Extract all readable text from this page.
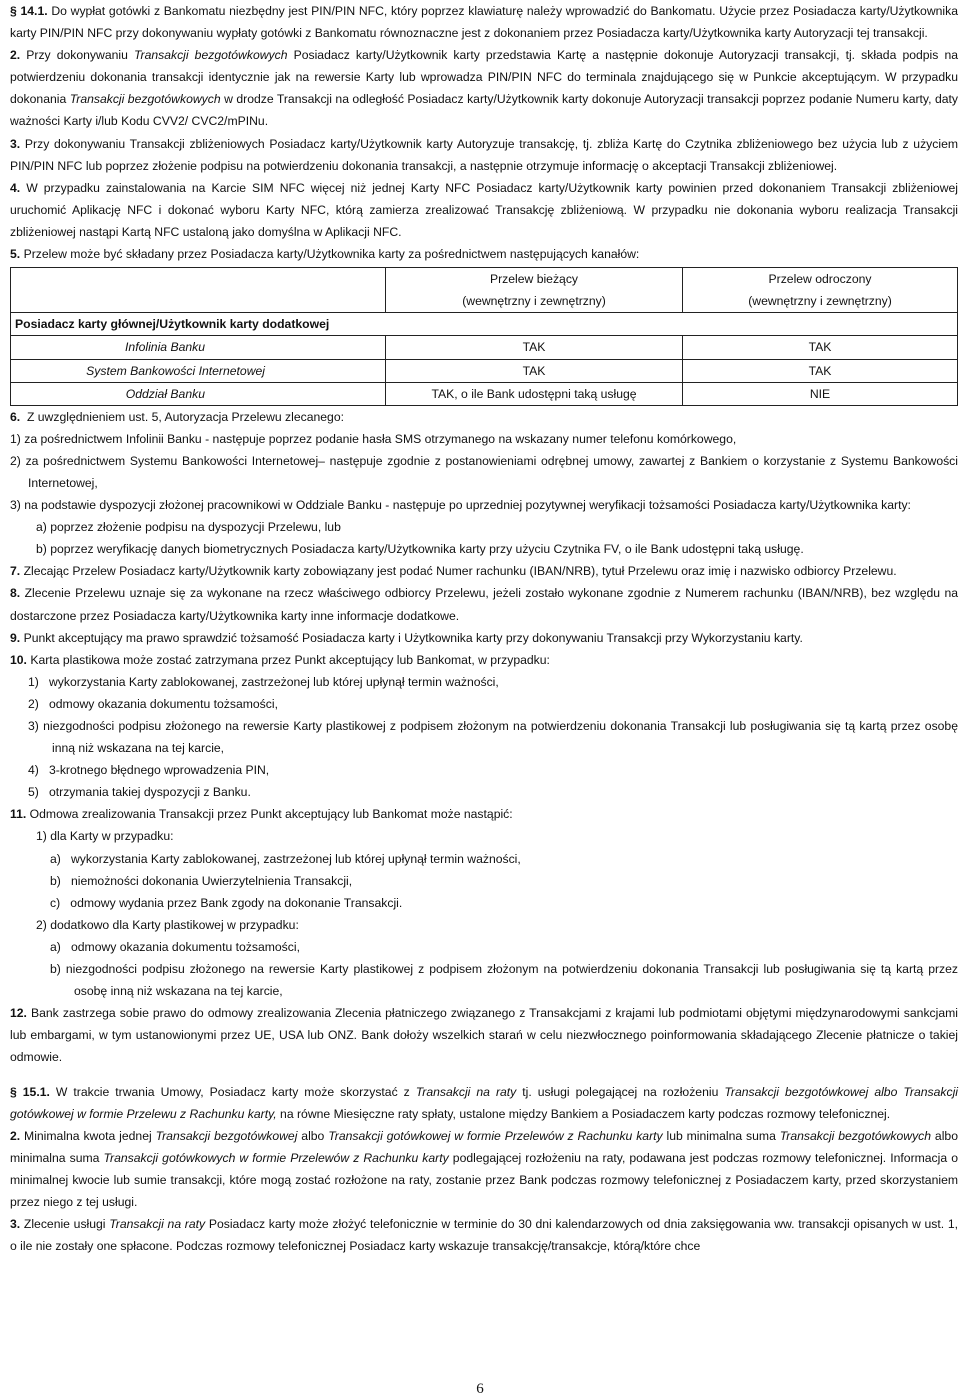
§ 14.1. Do wypłat gotówki z Bankomatu niezbędny jest PIN/PIN NFC, który poprzez klawiaturę należy wprowadzić do Bankomatu. Użycie przez Posiadacza karty/Użytkownika karty PIN/PIN NFC przy dokonywaniu wypłaty gotówki z Bankomatu równoznaczne jest z dokonaniem przez Posiadacza karty/Użytkownika karty Autoryzacji tej transakcji.

2. Przy dokonywaniu Transakcji bezgotówkowych Posiadacz karty/Użytkownik karty przedstawia Kartę a następnie dokonuje Autoryzacji transakcji, tj. składa podpis na potwierdzeniu dokonania transakcji identycznie jak na rewersie Karty lub wprowadza PIN/PIN NFC do terminala znajdującego się w Punkcie akceptującym. W przypadku dokonania Transakcji bezgotówkowych w drodze Transakcji na odległość Posiadacz karty/Użytkownik karty dokonuje Autoryzacji transakcji poprzez podanie Numeru karty, daty ważności Karty i/lub Kodu CVV2/ CVC2/mPINu.

3. Przy dokonywaniu Transakcji zbliżeniowych Posiadacz karty/Użytkownik karty Autoryzuje transakcję, tj. zbliża Kartę do Czytnika zbliżeniowego bez użycia lub z użyciem PIN/PIN NFC lub poprzez złożenie podpisu na potwierdzeniu dokonania transakcji, a następnie otrzymuje informację o akceptacji Transakcji zbliżeniowej.

4. W przypadku zainstalowania na Karcie SIM NFC więcej niż jednej Karty NFC Posiadacz karty/Użytkownik karty powinien przed dokonaniem Transakcji zbliżeniowej uruchomić Aplikację NFC i dokonać wyboru Karty NFC, którą zamierza zrealizować Transakcję zbliżeniową. W przypadku nie dokonania wyboru realizacja Transakcji zbliżeniowej nastąpi Kartą NFC ustaloną jako domyślna w Aplikacji NFC.

5. Przelew może być składany przez Posiadacza karty/Użytkownika karty za pośrednictwem następujących kanałów:

	Przelew bieżący
(wewnętrzny i zewnętrzny)	Przelew odroczony
(wewnętrzny i zewnętrzny)
Posiadacz karty głównej/Użytkownik karty dodatkowej		
Infolinia Banku	TAK	TAK
System Bankowości Internetowej	TAK	TAK
Oddział Banku	TAK, o ile Bank udostępni taką usługę	NIE

6. Z uwzględnieniem ust. 5, Autoryzacja Przelewu zlecanego:

1) za pośrednictwem Infolinii Banku - następuje poprzez podanie hasła SMS otrzymanego na wskazany numer telefonu komórkowego,

2) za pośrednictwem Systemu Bankowości Internetowej– następuje zgodnie z postanowieniami odrębnej umowy, zawartej z Bankiem o korzystanie z Systemu Bankowości Internetowej,

3) na podstawie dyspozycji złożonej pracownikowi w Oddziale Banku - następuje po uprzedniej pozytywnej weryfikacji tożsamości Posiadacza karty/Użytkownika karty:

a) poprzez złożenie podpisu na dyspozycji Przelewu, lub

b) poprzez weryfikację danych biometrycznych Posiadacza karty/Użytkownika karty przy użyciu Czytnika FV, o ile Bank udostępni taką usługę.

7. Zlecając Przelew Posiadacz karty/Użytkownik karty zobowiązany jest podać Numer rachunku (IBAN/NRB), tytuł Przelewu oraz imię i nazwisko odbiorcy Przelewu.

8. Zlecenie Przelewu uznaje się za wykonane na rzecz właściwego odbiorcy Przelewu, jeżeli zostało wykonane zgodnie z Numerem rachunku (IBAN/NRB), bez względu na dostarczone przez Posiadacza karty/Użytkownika karty inne informacje dodatkowe.

9. Punkt akceptujący ma prawo sprawdzić tożsamość Posiadacza karty i Użytkownika karty przy dokonywaniu Transakcji przy Wykorzystaniu karty.

10. Karta plastikowa może zostać zatrzymana przez Punkt akceptujący lub Bankomat, w przypadku:

1)   wykorzystania Karty zablokowanej, zastrzeżonej lub której upłynął termin ważności,

2)   odmowy okazania dokumentu tożsamości,

3) niezgodności podpisu złożonego na rewersie Karty plastikowej z podpisem złożonym na potwierdzeniu dokonania Transakcji lub posługiwania się tą kartą przez osobę inną niż wskazana na tej karcie,

4)   3-krotnego błędnego wprowadzenia PIN,

5)   otrzymania takiej dyspozycji z Banku.

11. Odmowa zrealizowania Transakcji przez Punkt akceptujący lub Bankomat może nastąpić:

1) dla Karty w przypadku:

a)   wykorzystania Karty zablokowanej, zastrzeżonej lub której upłynął termin ważności,

b)   niemożności dokonania Uwierzytelnienia Transakcji,

c)   odmowy wydania przez Bank zgody na dokonanie Transakcji.

2) dodatkowo dla Karty plastikowej w przypadku:

a)   odmowy okazania dokumentu tożsamości,

b) niezgodności podpisu złożonego na rewersie Karty plastikowej z podpisem złożonym na potwierdzeniu dokonania Transakcji lub posługiwania się tą kartą przez osobę inną niż wskazana na tej karcie,

12. Bank zastrzega sobie prawo do odmowy zrealizowania Zlecenia płatniczego związanego z Transakcjami z krajami lub podmiotami objętymi międzynarodowymi sankcjami lub embargami, w tym ustanowionymi przez UE, USA lub ONZ. Bank dołoży wszelkich starań w celu niezwłocznego poinformowania składającego Zlecenie płatnicze o takiej odmowie.

§ 15.1. W trakcie trwania Umowy, Posiadacz karty może skorzystać z Transakcji na raty tj. usługi polegającej na rozłożeniu Transakcji bezgotówkowej albo Transakcji gotówkowej w formie Przelewu z Rachunku karty, na równe Miesięczne raty spłaty, ustalone między Bankiem a Posiadaczem karty podczas rozmowy telefonicznej.

2. Minimalna kwota jednej Transakcji bezgotówkowej albo Transakcji gotówkowej w formie Przelewów z Rachunku karty lub minimalna suma Transakcji bezgotówkowych albo minimalna suma Transakcji gotówkowych w formie Przelewów z Rachunku karty podlegającej rozłożeniu na raty, podawana jest podczas rozmowy telefonicznej. Informacja o minimalnej kwocie lub sumie transakcji, które mogą zostać rozłożone na raty, zostanie przez Bank podczas rozmowy telefonicznej z Posiadaczem karty, przed skorzystaniem przez niego z tej usługi.

3. Zlecenie usługi Transakcji na raty Posiadacz karty może złożyć telefonicznie w terminie do 30 dni kalendarzowych od dnia zaksięgowania ww. transakcji opisanych w ust. 1, o ile nie zostały one spłacone. Podczas rozmowy telefonicznej Posiadacz karty wskazuje transakcję/transakcje, którą/które chce

6
